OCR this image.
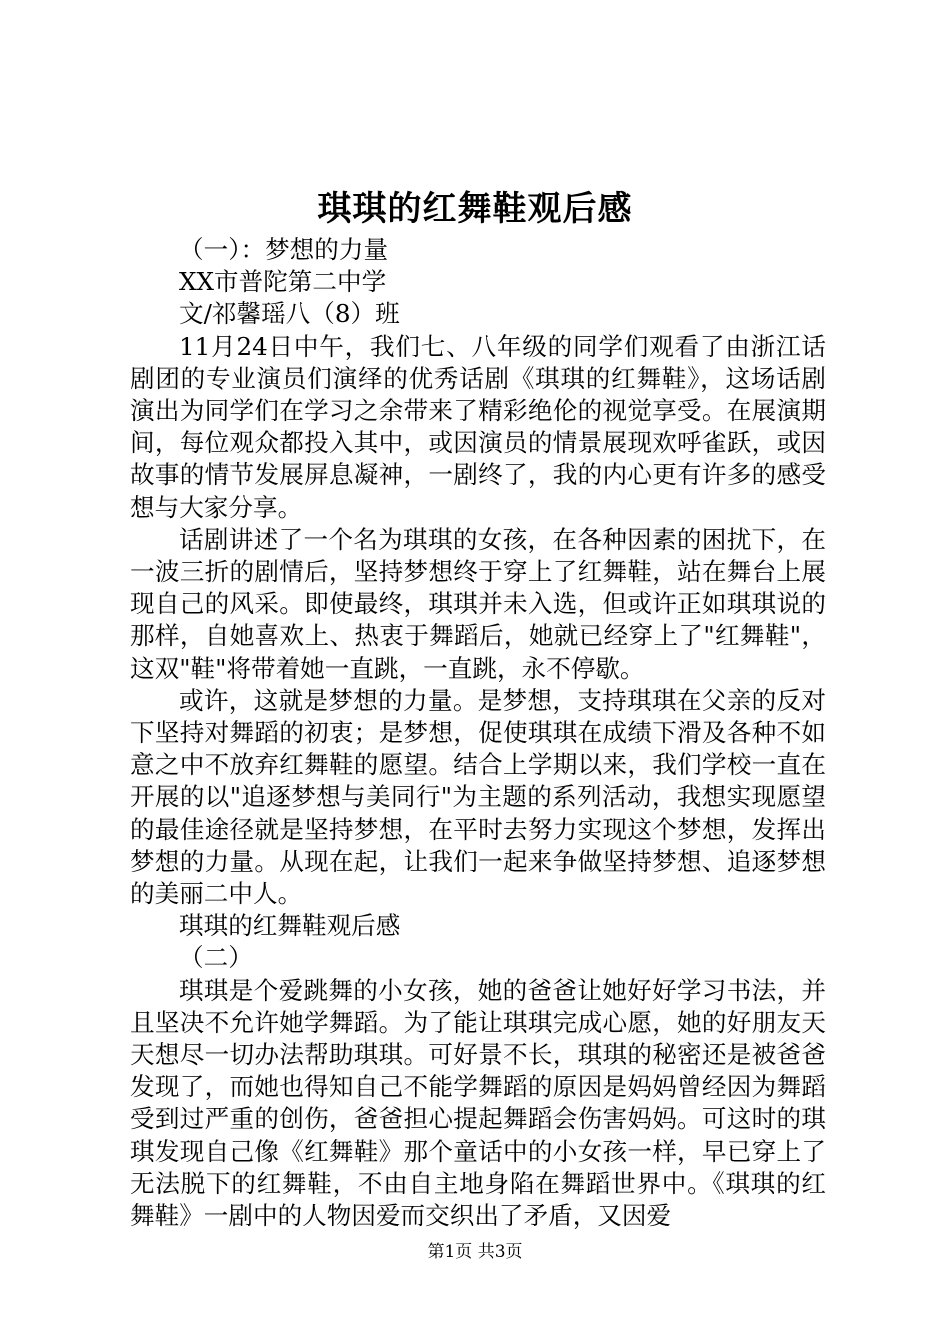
琪琪的红舞鞋观后感

（一）：梦想的力量

XX市普陀第二中学

文/祁馨瑶八（8）班

11月24日中午，我们七、八年级的同学们观看了由浙江话剧团的专业演员们演绎的优秀话剧《琪琪的红舞鞋》，这场话剧演出为同学们在学习之余带来了精彩绝伦的视觉享受。在展演期间，每位观众都投入其中，或因演员的情景展现欢呼雀跃，或因故事的情节发展屏息凝神，一剧终了，我的内心更有许多的感受想与大家分享。

话剧讲述了一个名为琪琪的女孩，在各种因素的困扰下，在一波三折的剧情后，坚持梦想终于穿上了红舞鞋，站在舞台上展现自己的风采。即使最终，琪琪并未入选，但或许正如琪琪说的那样，自她喜欢上、热衷于舞蹈后，她就已经穿上了"红舞鞋"，这双"鞋"将带着她一直跳，一直跳，永不停歇。

或许，这就是梦想的力量。是梦想，支持琪琪在父亲的反对下坚持对舞蹈的初衷；是梦想，促使琪琪在成绩下滑及各种不如意之中不放弃红舞鞋的愿望。结合上学期以来，我们学校一直在开展的以"追逐梦想与美同行"为主题的系列活动，我想实现愿望的最佳途径就是坚持梦想，在平时去努力实现这个梦想，发挥出梦想的力量。从现在起，让我们一起来争做坚持梦想、追逐梦想的美丽二中人。

琪琪的红舞鞋观后感

（二）

琪琪是个爱跳舞的小女孩，她的爸爸让她好好学习书法，并且坚决不允许她学舞蹈。为了能让琪琪完成心愿，她的好朋友天天想尽一切办法帮助琪琪。可好景不长，琪琪的秘密还是被爸爸发现了，而她也得知自己不能学舞蹈的原因是妈妈曾经因为舞蹈受到过严重的创伤，爸爸担心提起舞蹈会伤害妈妈。可这时的琪琪发现自己像《红舞鞋》那个童话中的小女孩一样，早已穿上了无法脱下的红舞鞋，不由自主地身陷在舞蹈世界中。《琪琪的红舞鞋》一剧中的人物因爱而交织出了矛盾，又因爱

第1页 共3页
